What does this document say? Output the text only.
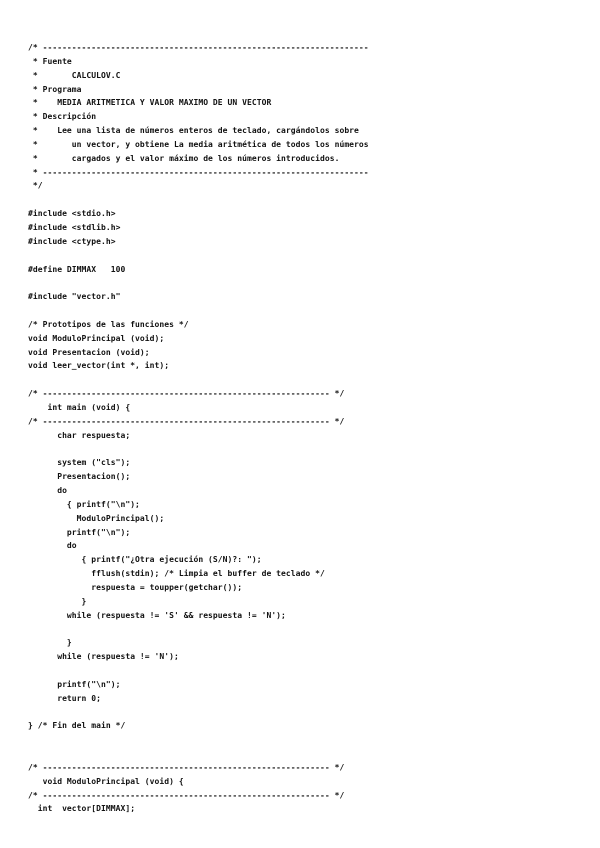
/* -------------------------------------------------------------------
* Fuente
*       CALCULOV.C
* Programa
*    MEDIA ARITMETICA Y VALOR MAXIMO DE UN VECTOR
* Descripción
*    Lee una lista de números enteros de teclado, cargándolos sobre
*       un vector, y obtiene La media aritmética de todos los números
*       cargados y el valor máximo de los números introducidos.
* -------------------------------------------------------------------
*/
#include <stdio.h>
#include <stdlib.h>
#include <ctype.h>
#define DIMMAX   100
#include "vector.h"
/* Prototipos de las funciones */
void ModuloPrincipal (void);
void Presentacion (void);
void leer_vector(int *, int);
/* ----------------------------------------------------------- */
int main (void) {
/* ----------------------------------------------------------- */
char respuesta;
system ("cls");
Presentacion();
do
{ printf("\n");
ModuloPrincipal();
printf("\n");
do
{ printf("¿Otra ejecución (S/N)?: ");
fflush(stdin); /* Limpia el buffer de teclado */
respuesta = toupper(getchar());
}
while (respuesta != 'S' && respuesta != 'N');
}
while (respuesta != 'N');
printf("\n");
return 0;
} /* Fin del main */
/* ----------------------------------------------------------- */
void ModuloPrincipal (void) {
/* ----------------------------------------------------------- */
int  vector[DIMMAX];
